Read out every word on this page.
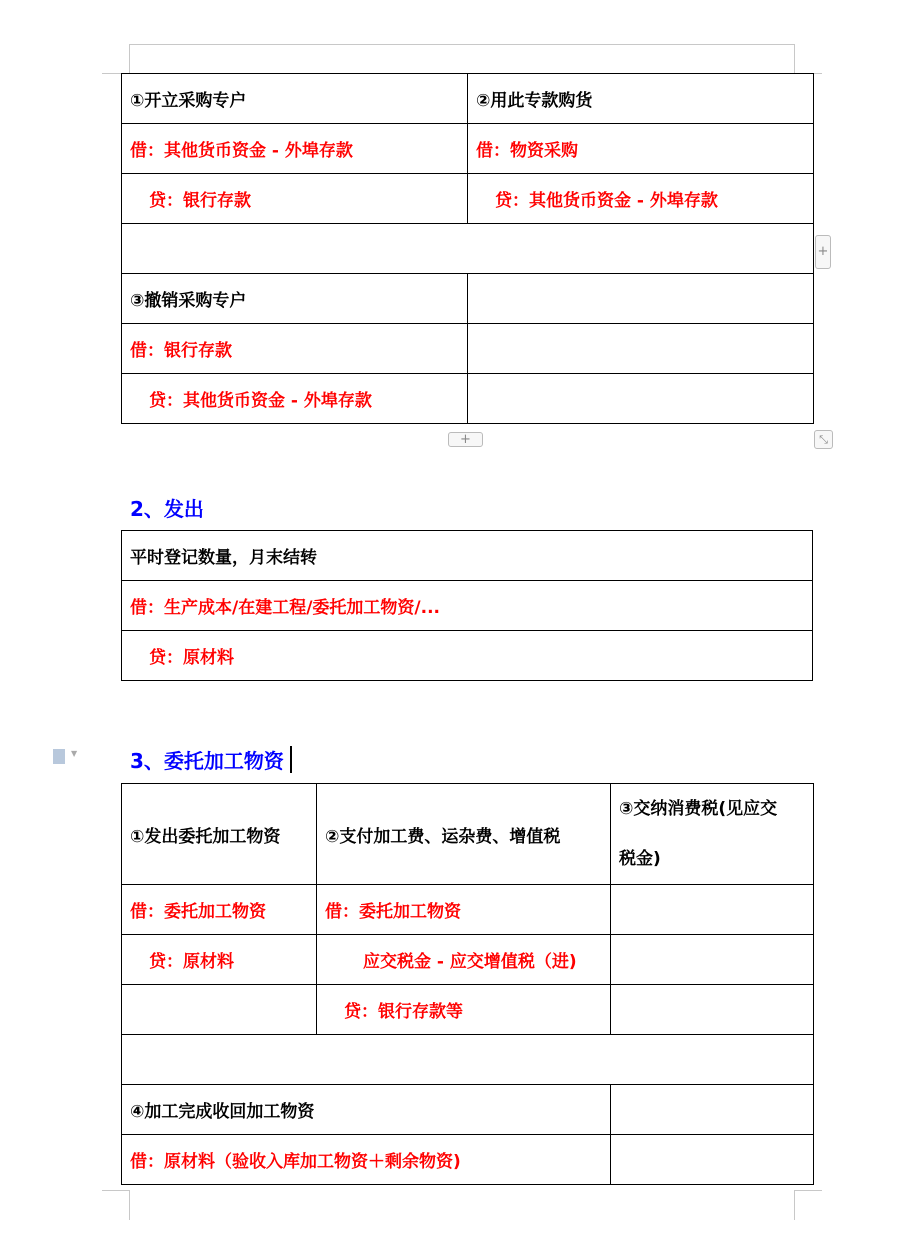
①开立采购专户	②用此专款购货
借：其他货币资金 - 外埠存款	借：物资采购
贷：银行存款	贷：其他货币资金 - 外埠存款

③撤销采购专户	
借：银行存款	
贷：其他货币资金 - 外埠存款	
+
+	⤡
2、发出
平时登记数量，月末结转
借：生产成本/在建工程/委托加工物资/...
贷：原材料
▼	3、委托加工物资
①发出委托加工物资	②支付加工费、运杂费、增值税	③交纳消费税(见应交
税金)
借：委托加工物资	借：委托加工物资	
贷：原材料	应交税金 - 应交增值税（进)	
	贷：银行存款等	

④加工完成收回加工物资		
借：原材料（验收入库加工物资＋剩余物资)		
